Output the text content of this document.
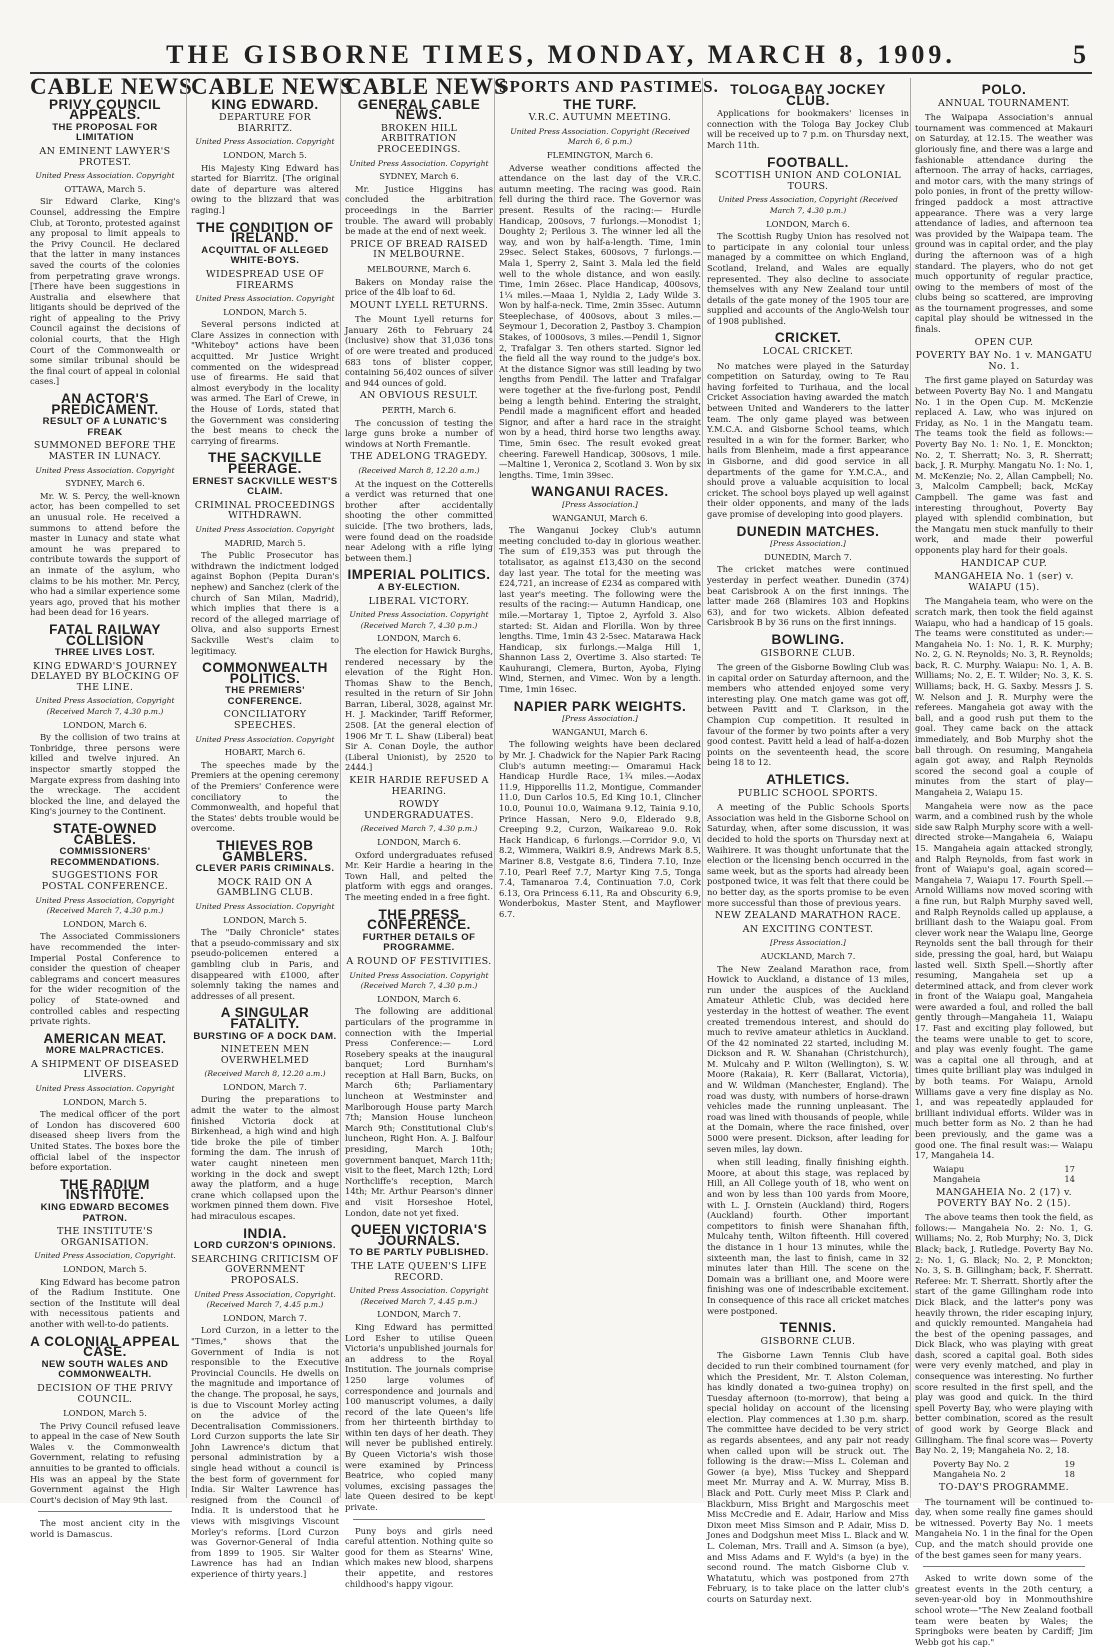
THE GISBORNE TIMES, MONDAY, MARCH 8, 1909.	5
CABLE NEWS
PRIVY COUNCIL APPEALS.
THE PROPOSAL FOR LIMITATION
AN EMINENT LAWYER'S PROTEST.
United Press Association. Copyright
OTTAWA, March 5.

Sir Edward Clarke, King's Counsel, addressing the Empire Club, at Toronto, protested against any proposal to limit appeals to the Privy Council. He declared that the latter in many instances saved the courts of the colonies from perpetrating grave wrongs. [There have been suggestions in Australia and elsewhere that litigants should be deprived of the right of appealing to the Privy Council against the decisions of colonial courts, that the High Court of the Commonwealth or some similar tribunal should be the final court of appeal in colonial cases.]

AN ACTOR'S PREDICAMENT.
RESULT OF A LUNATIC'S FREAK
SUMMONED BEFORE THE MASTER IN LUNACY.
United Press Association. Copyright
SYDNEY, March 6.

Mr. W. S. Percy, the well-known actor, has been compelled to set an unusual role. He received a summons to attend before the master in Lunacy and state what amount he was prepared to contribute towards the support of an inmate of the asylum, who claims to be his mother. Mr. Percy, who had a similar experience some years ago, proved that his mother had been dead for 16 years.

FATAL RAILWAY COLLISION
THREE LIVES LOST.
KING EDWARD'S JOURNEY DELAYED BY BLOCKING OF THE LINE.
United Press Association, Copyright (Received March 7, 4.30 p.m.)
LONDON, March 6.

By the collision of two trains at Tonbridge, three persons were killed and twelve injured. An inspector smartly stopped the Margate express from dashing into the wreckage. The accident blocked the line, and delayed the King's journey to the Continent.

STATE-OWNED CABLES.
COMMISSIONERS' RECOMMENDATIONS.
SUGGESTIONS FOR POSTAL CONFERENCE.
United Press Association, Copyright (Received March 7, 4.30 p.m.)
LONDON, March 6.

The Associated Commissioners have recommended the inter-Imperial Postal Conference to consider the question of cheaper cablegrams and concert measures for the wider recognition of the policy of State-owned and controlled cables and respecting private rights.

AMERICAN MEAT.
MORE MALPRACTICES.
A SHIPMENT OF DISEASED LIVERS.
United Press Association. Copyright
LONDON, March 5.

The medical officer of the port of London has discovered 600 diseased sheep livers from the United States. The boxes bore the official label of the inspector before exportation.

THE RADIUM INSTITUTE.
KING EDWARD BECOMES PATRON.
THE INSTITUTE'S ORGANISATION.
United Press Association, Copyright.
LONDON, March 5.

King Edward has become patron of the Radium Institute. One section of the Institute will deal with necessitous patients and another with well-to-do patients.

A COLONIAL APPEAL CASE.
NEW SOUTH WALES AND COMMONWEALTH.
DECISION OF THE PRIVY COUNCIL.
LONDON, March 5.

The Privy Council refused leave to appeal in the case of New South Wales v. the Commonwealth Government, relating to refusing annuities to be granted to officials. His was an appeal by the State Government against the High Court's decision of May 9th last.

The most ancient city in the world is Damascus.

CABLE NEWS
KING EDWARD.
DEPARTURE FOR BIARRITZ.
United Press Association. Copyright
LONDON, March 5.

His Majesty King Edward has started for Biarritz. [The original date of departure was altered owing to the blizzard that was raging.]

THE CONDITION OF IRELAND.
ACQUITTAL OF ALLEGED WHITE-BOYS.
WIDESPREAD USE OF FIREARMS
United Press Association. Copyright
LONDON, March 5.

Several persons indicted at Clare Assizes in connection with "Whiteboy" actions have been acquitted. Mr Justice Wright commented on the widespread use of firearms. He said that almost everybody in the locality was armed. The Earl of Crewe, in the House of Lords, stated that the Government was considering the best means to check the carrying of firearms.

THE SACKVILLE PEERAGE.
ERNEST SACKVILLE WEST'S CLAIM.
CRIMINAL PROCEEDINGS WITHDRAWN.
United Press Association. Copyright
MADRID, March 5.

The Public Prosecutor has withdrawn the indictment lodged against Bophon (Pepita Duran's nephew) and Sanchez (clerk of the church of San Milan, Madrid), which implies that there is a record of the alleged marriage of Oliva, and also supports Ernest Sackville West's claim to legitimacy.

COMMONWEALTH POLITICS.
THE PREMIERS' CONFERENCE.
CONCILIATORY SPEECHES.
United Press Association. Copyright
HOBART, March 6.

The speeches made by the Premiers at the opening ceremony of the Premiers' Conference were conciliatory to the Commonwealth, and hopeful that the States' debts trouble would be overcome.

THIEVES ROB GAMBLERS.
CLEVER PARIS CRIMINALS.
MOCK RAID ON A GAMBLING CLUB.
United Press Association. Copyright
LONDON, March 5.

The "Daily Chronicle" states that a pseudo-commissary and six pseudo-policemen entered a gambling club in Paris, and disappeared with £1000, after solemnly taking the names and addresses of all present.

A SINGULAR FATALITY.
BURSTING OF A DOCK DAM.
NINETEEN MEN OVERWHELMED
(Received March 8, 12.20 a.m.)
LONDON, March 7.

During the preparations to admit the water to the almost finished Victoria dock at Birkenhead, a high wind and high tide broke the pile of timber forming the dam. The inrush of water caught nineteen men working in the dock and swept away the platform, and a huge crane which collapsed upon the workmen pinned them down. Five had miraculous escapes.

INDIA.
LORD CURZON'S OPINIONS.
SEARCHING CRITICISM OF GOVERNMENT PROPOSALS.
United Press Association, Copyright. (Received March 7, 4.45 p.m.)
LONDON, March 7.

Lord Curzon, in a letter to the "Times," shows that the Government of India is not responsible to the Executive Provincial Councils. He dwells on the magnitude and importance of the change. The proposal, he says, is due to Viscount Morley acting on the advice of the Decentralisation Commissioners. Lord Curzon supports the late Sir John Lawrence's dictum that personal administration by a single head without a council is the best form of government for India. Sir Walter Lawrence has resigned from the Council of India. It is understood that he views with misgivings Viscount Morley's reforms. [Lord Curzon was Governor-General of India from 1899 to 1905. Sir Walter Lawrence has had an Indian experience of thirty years.]

CABLE NEWS
GENERAL CABLE NEWS.
BROKEN HILL ARBITRATION PROCEEDINGS.
United Press Association. Copyright
SYDNEY, March 6.

Mr. Justice Higgins has concluded the arbitration proceedings in the Barrier trouble. The award will probably be made at the end of next week.

PRICE OF BREAD RAISED IN MELBOURNE.
MELBOURNE, March 6.

Bakers on Monday raise the price of the 4lb loaf to 6d.

MOUNT LYELL RETURNS.

The Mount Lyell returns for January 26th to February 24 (inclusive) show that 31,036 tons of ore were treated and produced 683 tons of blister copper, containing 56,402 ounces of silver and 944 ounces of gold.

AN OBVIOUS RESULT.
PERTH, March 6.

The concussion of testing the large guns broke a number of windows at North Fremantle.

THE ADELONG TRAGEDY.
(Received March 8, 12.20 a.m.)

At the inquest on the Cotterells a verdict was returned that one brother after accidentally shooting the other committed suicide. [The two brothers, lads, were found dead on the roadside near Adelong with a rifle lying between them.]

IMPERIAL POLITICS.
A BY-ELECTION.
LIBERAL VICTORY.
United Press Association. Copyright (Received March 7, 4.30 p.m.)
LONDON, March 6.

The election for Hawick Burghs, rendered necessary by the elevation of the Right Hon. Thomas Shaw to the Bench, resulted in the return of Sir John Barran, Liberal, 3028, against Mr. H. J. Mackinder, Tariff Reformer, 2508. [At the general election of 1906 Mr T. L. Shaw (Liberal) beat Sir A. Conan Doyle, the author (Liberal Unionist), by 2520 to 2444.]

KEIR HARDIE REFUSED A HEARING.
ROWDY UNDERGRADUATES.
(Received March 7, 4.30 p.m.)
LONDON, March 6.

Oxford undergraduates refused Mr. Keir Hardie a hearing in the Town Hall, and pelted the platform with eggs and oranges. The meeting ended in a free fight.

THE PRESS CONFERENCE.
FURTHER DETAILS OF PROGRAMME.
A ROUND OF FESTIVITIES.
United Press Association. Copyright (Received March 7, 4.30 p.m.)
LONDON, March 6.

The following are additional particulars of the programme in connection with the Imperial Press Conference:— Lord Rosebery speaks at the inaugural banquet; Lord Burnham's reception at Hall Barn, Bucks, on March 6th; Parliamentary luncheon at Westminster and Marlborough House party March 7th; Mansion House luncheon March 9th; Constitutional Club's luncheon, Right Hon. A. J. Balfour presiding, March 10th; government banquet, March 11th; visit to the fleet, March 12th; Lord Northcliffe's reception, March 14th; Mr. Arthur Pearson's dinner and visit Horseshoe Hotel, London, date not yet fixed.

QUEEN VICTORIA'S JOURNALS.
TO BE PARTLY PUBLISHED.
THE LATE QUEEN'S LIFE RECORD.
United Press Association. Copyright (Received March 7, 4.45 p.m.)
LONDON, March 7.

King Edward has permitted Lord Esher to utilise Queen Victoria's unpublished journals for an address to the Royal Institution. The journals comprise 1250 large volumes of correspondence and journals and 100 manuscript volumes, a daily record of the late Queen's life from her thirteenth birthday to within ten days of her death. They will never be published entirely. By Queen Victoria's wish those were examined by Princess Beatrice, who copied many volumes, excising passages the late Queen desired to be kept private.

Puny boys and girls need careful attention. Nothing quite so good for them as Stearns' Wine, which makes new blood, sharpens their appetite, and restores childhood's happy vigour.

SPORTS AND PASTIMES.
THE TURF.
V.R.C. AUTUMN MEETING.
United Press Association. Copyright (Received March 6, 6 p.m.)
FLEMINGTON, March 6.

Adverse weather conditions affected the attendance on the last day of the V.R.C. autumn meeting. The racing was good. Rain fell during the third race. The Governor was present. Results of the racing:— Hurdle Handicap, 200sovs, 7 furlongs.—Monodist 1; Doughty 2; Perilous 3. The winner led all the way, and won by half-a-length. Time, 1min 29sec. Select Stakes, 600sovs, 7 furlongs.—Mala 1, Sperry 2, Saint 3. Mala led the field well to the whole distance, and won easily. Time, 1min 26sec. Place Handicap, 400sovs, 1¼ miles.—Maaa 1, Nyldia 2, Lady Wilde 3. Won by half-a-neck. Time, 2min 35sec. Autumn Steeplechase, of 400sovs, about 3 miles.—Seymour 1, Decoration 2, Pastboy 3. Champion Stakes, of 1000sovs, 3 miles.—Pendil 1, Signor 2, Trafalgar 3. Ten others started. Signor led the field all the way round to the judge's box. At the distance Signor was still leading by two lengths from Pendil. The latter and Trafalgar were together at the five-furlong post, Pendil being a length behind. Entering the straight, Pendil made a magnificent effort and headed Signor, and after a hard race in the straight won by a head, third horse two lengths away. Time, 5min 6sec. The result evoked great cheering. Farewell Handicap, 300sovs, 1 mile.—Maltine 1, Veronica 2, Scotland 3. Won by six lengths. Time, 1min 39sec.

WANGANUI RACES.
[Press Association.]
WANGANUI, March 6.

The Wanganui Jockey Club's autumn meeting concluded to-day in glorious weather. The sum of £19,353 was put through the totalisator, as against £13,430 on the second day last year. The total for the meeting was £24,721, an increase of £234 as compared with last year's meeting. The following were the results of the racing:— Autumn Handicap, one mile.—Mortaray 1, Tiptoe 2, Ayrfold 3. Also started: St. Aidan and Florilla. Won by three lengths. Time, 1min 43 2-5sec. Matarawa Hack Handicap, six furlongs.—Malga Hill 1, Shannon Lass 2, Overtime 3. Also started: Te Kauhurangi, Clemera, Burton, Ayoba, Flying Wind, Sternen, and Vimec. Won by a length. Time, 1min 16sec.

NAPIER PARK WEIGHTS.
[Press Association.]
WANGANUI, March 6.

The following weights have been declared by Mr. J. Chadwick for the Napier Park Racing Club's autumn meeting:— Omaramui Hack Handicap Hurdle Race, 1¾ miles.—Aodax 11.9, Hipporellis 11.2, Montigue, Commander 11.0, Dun Carlos 10.5, Ed King 10.1, Clincher 10.0, Pounui 10.0, Waimana 9.12, Tainia 9.10, Prince Hassan, Nero 9.0, Elderado 9.8, Creeping 9.2, Curzon, Waikareao 9.0. Rok Hack Handicap, 6 furlongs.—Corridor 9.0, Vi 8.2, Wimmera, Waikiri 8.9, Andrews Mark 8.5, Mariner 8.8, Vestgate 8.6, Tindera 7.10, Inze 7.10, Pearl Reef 7.7, Martyr King 7.5, Tonga 7.4, Tamanaroa 7.4, Continuation 7.0, Cork 6.13, Ora Princess 6.11, Ra and Obscurity 6.9, Wonderbokus, Master Stent, and Mayflower 6.7.

TOLOGA BAY JOCKEY CLUB.

Applications for bookmakers' licenses in connection with the Tologa Bay Jockey Club will be received up to 7 p.m. on Thursday next, March 11th.

FOOTBALL.
SCOTTISH UNION AND COLONIAL TOURS.
United Press Association, Copyright (Received March 7, 4.30 p.m.)
LONDON, March 6.

The Scottish Rugby Union has resolved not to participate in any colonial tour unless managed by a committee on which England, Scotland, Ireland, and Wales are equally represented. They also decline to associate themselves with any New Zealand tour until details of the gate money of the 1905 tour are supplied and accounts of the Anglo-Welsh tour of 1908 published.

CRICKET.
LOCAL CRICKET.

No matches were played in the Saturday competition on Saturday, owing to Te Rau having forfeited to Turihaua, and the local Cricket Association having awarded the match between United and Wanderers to the latter team. The only game played was between Y.M.C.A. and Gisborne School teams, which resulted in a win for the former. Barker, who hails from Blenheim, made a first appearance in Gisborne, and did good service in all departments of the game for Y.M.C.A., and should prove a valuable acquisition to local cricket. The school boys played up well against their older opponents, and many of the lads gave promise of developing into good players.

DUNEDIN MATCHES.
[Press Association.]
DUNEDIN, March 7.

The cricket matches were continued yesterday in perfect weather. Dunedin (374) beat Carisbrook A on the first innings. The latter made 268 (Blamires 103 and Hopkins 63), and for two wickets. Albion defeated Carisbrook B by 36 runs on the first innings.

BOWLING.
GISBORNE CLUB.

The green of the Gisborne Bowling Club was in capital order on Saturday afternoon, and the members who attended enjoyed some very interesting play. One match game was got off, between Pavitt and T. Clarkson, in the Champion Cup competition. It resulted in favour of the former by two points after a very good contest. Pavitt held a lead of half-a-dozen points on the seventeenth head, the score being 18 to 12.

ATHLETICS.
PUBLIC SCHOOL SPORTS.

A meeting of the Public Schools Sports Association was held in the Gisborne School on Saturday, when, after some discussion, it was decided to hold the sports on Thursday next at Waihirere. It was thought unfortunate that the election or the licensing bench occurred in the same week, but as the sports had already been postponed twice, it was felt that there could be no better day, as the sports promise to be even more successful than those of previous years.

NEW ZEALAND MARATHON RACE.
AN EXCITING CONTEST.
[Press Association.]
AUCKLAND, March 7.

The New Zealand Marathon race, from Howick to Auckland, a distance of 13 miles, run under the auspices of the Auckland Amateur Athletic Club, was decided here yesterday in the hottest of weather. The event created tremendous interest, and should do much to revive amateur athletics in Auckland. Of the 42 nominated 22 started, including M. Dickson and R. W. Shanahan (Christchurch), M. Mulcahy and P. Wilton (Wellington), S. W. Moore (Rakaia), R. Kerr (Ballarat, Victoria), and W. Wildman (Manchester, England). The road was dusty, with numbers of horse-drawn vehicles made the running unpleasant. The road was lined with thousands of people, while at the Domain, where the race finished, over 5000 were present. Dickson, after leading for seven miles, lay down.

when still leading, finally finishing eighth. Moore, at about this stage, was replaced by Hill, an All College youth of 18, who went on and won by less than 100 yards from Moore, with L. J. Ornstein (Auckland) third, Rogers (Auckland) fourth. Other important competitors to finish were Shanahan fifth, Mulcahy tenth, Wilton fifteenth. Hill covered the distance in 1 hour 13 minutes, while the sixteenth man, the last to finish, came in 32 minutes later than Hill. The scene on the Domain was a brilliant one, and Moore were finishing was one of indescribable excitement. In consequence of this race all cricket matches were postponed.

TENNIS.
GISBORNE CLUB.

The Gisborne Lawn Tennis Club have decided to run their combined tournament (for which the President, Mr. T. Alston Coleman, has kindly donated a two-guinea trophy) on Tuesday afternoon (to-morrow), that being a special holiday on account of the licensing election. Play commences at 1.30 p.m. sharp. The committee have decided to be very strict as regards absentees, and any pair not ready when called upon will be struck out. The following is the draw:—Miss L. Coleman and Gower (a bye), Miss Tuckey and Sheppard meet Mr. Murray and A. W. Murray, Miss B. Black and Pott. Curly meet Miss P. Clark and Blackburn, Miss Bright and Margoschis meet Miss McCredie and E. Adair, Harlow and Miss Dixon meet Miss Simson and P. Adair, Miss D. Jones and Dodgshun meet Miss L. Black and W. L. Coleman, Mrs. Traill and A. Simson (a bye), and Miss Adams and F. Wyld's (a bye) in the second round. The match Gisborne Club v. Whatatutu, which was postponed from 27th February, is to take place on the latter club's courts on Saturday next.

POLO.
ANNUAL TOURNAMENT.

The Waipapa Association's annual tournament was commenced at Makauri on Saturday, at 12.15. The weather was gloriously fine, and there was a large and fashionable attendance during the afternoon. The array of hacks, carriages, and motor cars, with the many strings of polo ponies, in front of the pretty willow-fringed paddock a most attractive appearance. There was a very large attendance of ladies, and afternoon tea was provided by the Waipapa team. The ground was in capital order, and the play during the afternoon was of a high standard. The players, who do not get much opportunity of regular practice, owing to the members of most of the clubs being so scattered, are improving as the tournament progresses, and some capital play should be witnessed in the finals.

OPEN CUP.
POVERTY BAY No. 1 v. MANGATU No. 1.

The first game played on Saturday was between Poverty Bay No. 1 and Mangatu No. 1 in the Open Cup. M. McKenzie replaced A. Law, who was injured on Friday, as No. 1 in the Mangatu team. The teams took the field as follows:— Poverty Bay No. 1: No. 1, E. Monckton; No. 2, T. Sherratt; No. 3, R. Sherratt; back, J. R. Murphy. Mangatu No. 1: No. 1, M. McKenzie; No. 2, Allan Campbell; No. 3, Malcolm Campbell; back, McKay Campbell. The game was fast and interesting throughout, Poverty Bay played with splendid combination, but the Mangatu men stuck manfully to their work, and made their powerful opponents play hard for their goals.

HANDICAP CUP.
MANGAHEIA No. 1 (ser) v. WAIAPU (15).

The Mangaheia team, who were on the scratch mark, then took the field against Waiapu, who had a handicap of 15 goals. The teams were constituted as under:— Mangaheia No. 1: No. 1, R. K. Murphy; No. 2, G. N. Reynolds; No. 3, R. Reynolds; back, R. C. Murphy. Waiapu: No. 1, A. B. Williams; No. 2, E. T. Wilder; No. 3, K. S. Williams; back, H. G. Saxby. Messrs J. S. W. Nelson and J. R. Murphy were the referees. Mangaheia got away with the ball, and a good rush put them to the goal. They came back on the attack immediately, and Bob Murphy shot the ball through. On resuming, Mangaheia again got away, and Ralph Reynolds scored the second goal a couple of minutes from the start of play—Mangaheia 2, Waiapu 15.

Mangaheia were now as the pace warm, and a combined rush by the whole side saw Ralph Murphy score with a well-directed stroke—Mangaheia 6, Waiapu 15. Mangaheia again attacked strongly, and Ralph Reynolds, from fast work in front of Waiapu's goal, again scored—Mangaheia 7, Waiapu 17. Fourth Spell.—Arnold Williams now moved scoring with a fine run, but Ralph Murphy saved well, and Ralph Reynolds called up applause, a brilliant dash to the Waiapu goal. From clever work near the Waiapu line, George Reynolds sent the ball through for their side, pressing the goal, hard, but Waiapu lasted well. Sixth Spell.—Shortly after resuming, Mangaheia set up a determined attack, and from clever work in front of the Waiapu goal, Mangaheia were awarded a foul, and rolled the ball gently through—Mangaheia 11, Waiapu 17. Fast and exciting play followed, but the teams were unable to get to score, and play was evenly fought. The game was a capital one all through, and at times quite brilliant play was indulged in by both teams. For Waiapu, Arnold Williams gave a very fine display as No. 1, and was repeatedly applauded for brilliant individual efforts. Wilder was in much better form as No. 2 than he had been previously, and the game was a good one. The final result was:— Waiapu 17, Mangaheia 14.

Waiapu	17
Mangaheia	14
MANGAHEIA No. 2 (17) v. POVERTY BAY No. 2 (15).

The above teams then took the field, as follows:— Mangaheia No. 2: No. 1, G. Williams; No. 2, Rob Murphy; No. 3, Dick Black; back, J. Rutledge. Poverty Bay No. 2: No. 1, G. Black; No. 2, P. Monckton; No. 3, S. B. Gillingham; back, F. Sherratt. Referee: Mr. T. Sherratt. Shortly after the start of the game Gillingham rode into Dick Black, and the latter's pony was heavily thrown, the rider escaping injury, and quickly remounted. Mangaheia had the best of the opening passages, and Dick Black, who was playing with great dash, scored a capital goal. Both sides were very evenly matched, and play in consequence was interesting. No further score resulted in the first spell, and the play was good and quick. In the third spell Poverty Bay, who were playing with better combination, scored as the result of good work by George Black and Gillingham. The final score was— Poverty Bay No. 2, 19; Mangaheia No. 2, 18.

Poverty Bay No. 2	19
Mangaheia No. 2	18
TO-DAY'S PROGRAMME.

The tournament will be continued to-day, when some really fine games should be witnessed. Poverty Bay No. 1 meets Mangaheia No. 1 in the final for the Open Cup, and the match should provide one of the best games seen for many years.

Asked to write down some of the greatest events in the 20th century, a seven-year-old boy in Monmouthshire school wrote—"The New Zealand football team were beaten by Wales; the Springboks were beaten by Cardiff; Jim Webb got his cap."
